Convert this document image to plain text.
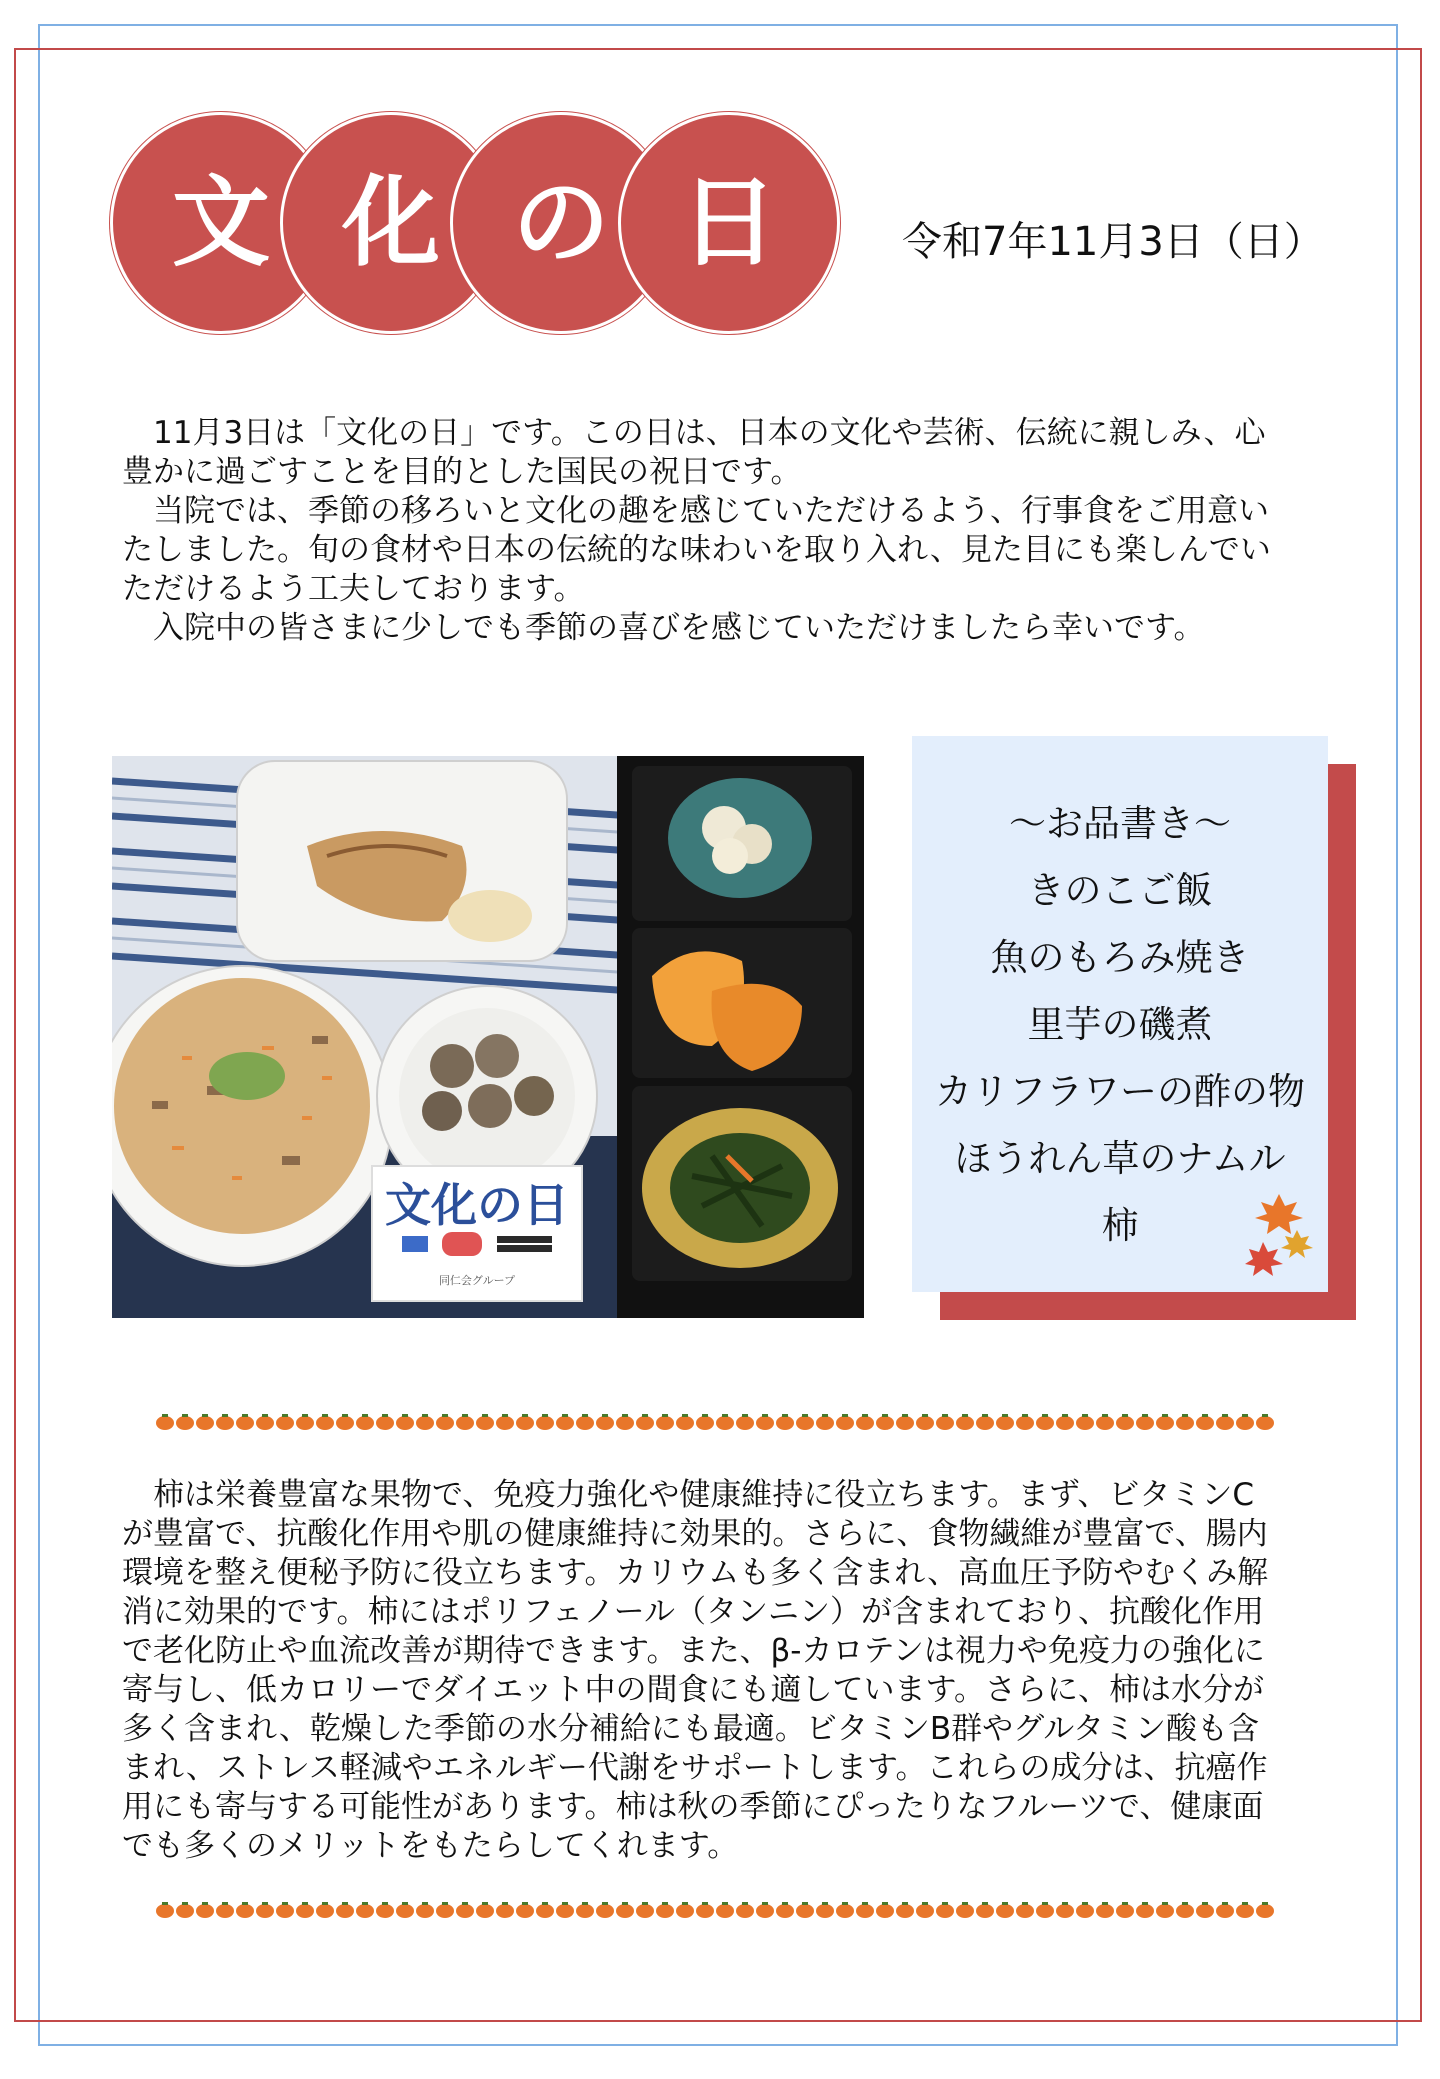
文 化 の 日	令和7年11月3日（日）

　11月3日は「文化の日」です。この日は、日本の文化や芸術、伝統に親しみ、心

豊かに過ごすことを目的とした国民の祝日です。

　当院では、季節の移ろいと文化の趣を感じていただけるよう、行事食をご用意い

たしました。旬の食材や日本の伝統的な味わいを取り入れ、見た目にも楽しんでい

ただけるよう工夫しております。

　入院中の皆さまに少しでも季節の喜びを感じていただけましたら幸いです。

文化の日
同仁会グループ
～お品書き～
きのこご飯
魚のもろみ焼き
里芋の磯煮
カリフラワーの酢の物
ほうれん草のナムル
柿

　柿は栄養豊富な果物で、免疫力強化や健康維持に役立ちます。まず、ビタミンC

が豊富で、抗酸化作用や肌の健康維持に効果的。さらに、食物繊維が豊富で、腸内

環境を整え便秘予防に役立ちます。カリウムも多く含まれ、高血圧予防やむくみ解

消に効果的です。柿にはポリフェノール（タンニン）が含まれており、抗酸化作用

で老化防止や血流改善が期待できます。また、β-カロテンは視力や免疫力の強化に

寄与し、低カロリーでダイエット中の間食にも適しています。さらに、柿は水分が

多く含まれ、乾燥した季節の水分補給にも最適。ビタミンB群やグルタミン酸も含

まれ、ストレス軽減やエネルギー代謝をサポートします。これらの成分は、抗癌作

用にも寄与する可能性があります。柿は秋の季節にぴったりなフルーツで、健康面

でも多くのメリットをもたらしてくれます。
